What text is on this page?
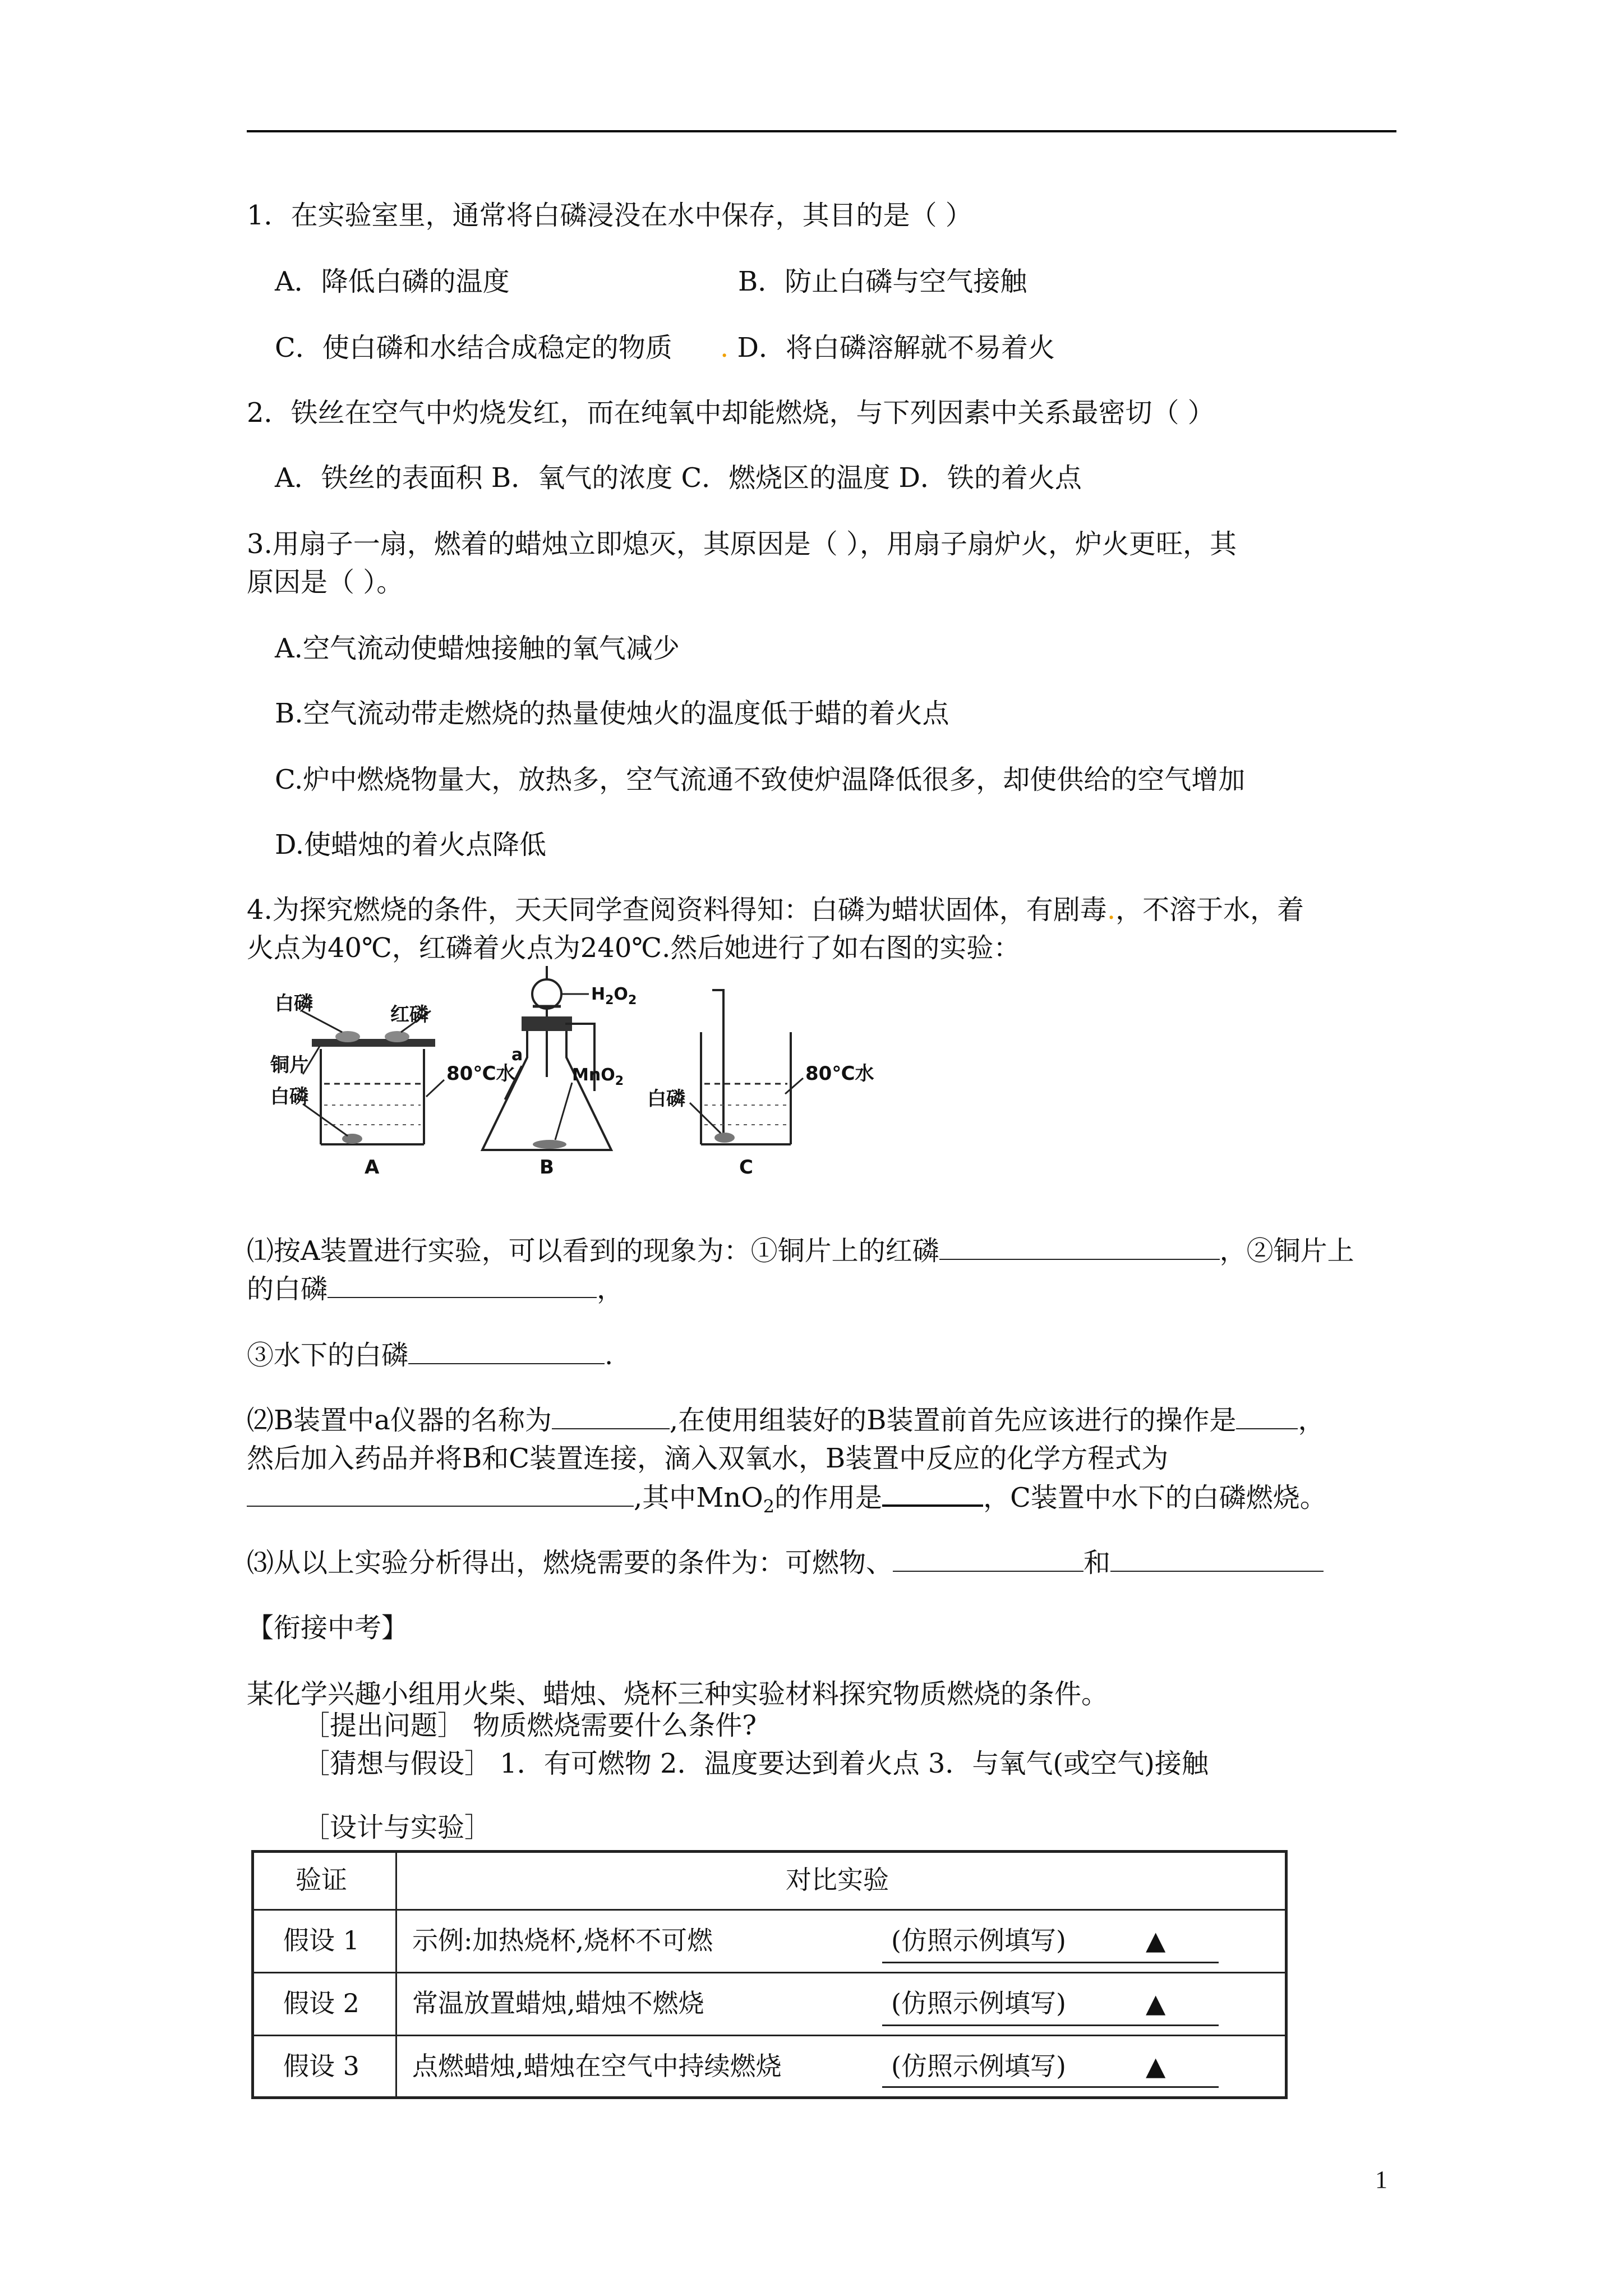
1．在实验室里，通常将白磷浸没在水中保存，其目的是（ ）
A．降低白磷的温度	B．防止白磷与空气接触
C．使白磷和水结合成稳定的物质 . D．将白磷溶解就不易着火
2．铁丝在空气中灼烧发红，而在纯氧中却能燃烧，与下列因素中关系最密切（ ）
A．铁丝的表面积 B．氧气的浓度 C．燃烧区的温度 D．铁的着火点
3.用扇子一扇，燃着的蜡烛立即熄灭，其原因是（ ），用扇子扇炉火，炉火更旺，其
原因是（ ）。
A.空气流动使蜡烛接触的氧气减少
B.空气流动带走燃烧的热量使烛火的温度低于蜡的着火点
C.炉中燃烧物量大，放热多，空气流通不致使炉温降低很多，却使供给的空气增加
D.使蜡烛的着火点降低
4.为探究燃烧的条件，天天同学查阅资料得知：白磷为蜡状固体，有剧毒.，不溶于水，着
火点为40℃，红磷着火点为240℃.然后她进行了如右图的实验：
白磷	红磷
铜片
白磷
80℃水
A
$H_2O_2$
a
MnO$_2$
B
80℃水
白磷
C
⑴按A装置进行实验，可以看到的现象为：①铜片上的红磷	，②铜片上
的白磷	，
③水下的白磷	.
⑵B装置中a仪器的名称为	,在使用组装好的B装置前首先应该进行的操作是 ，
然后加入药品并将B和C装置连接，滴入双氧水，B装置中反应的化学方程式为
,其中MnO$_2$的作用是	，C装置中水下的白磷燃烧。
⑶从以上实验分析得出，燃烧需要的条件为：可燃物、	和
【衔接中考】
某化学兴趣小组用火柴、蜡烛、烧杯三种实验材料探究物质燃烧的条件。
［提出问题］ 物质燃烧需要什么条件?
［猜想与假设］ 1．有可燃物 2．温度要达到着火点 3．与氧气(或空气)接触
［设计与实验］
验证	对比实验
假设 1 示例:加热烧杯,烧杯不可燃	(仿照示例填写)	▲
假设 2 常温放置蜡烛,蜡烛不燃烧	(仿照示例填写)	▲
假设 3 点燃蜡烛,蜡烛在空气中持续燃烧	(仿照示例填写)	▲
1
